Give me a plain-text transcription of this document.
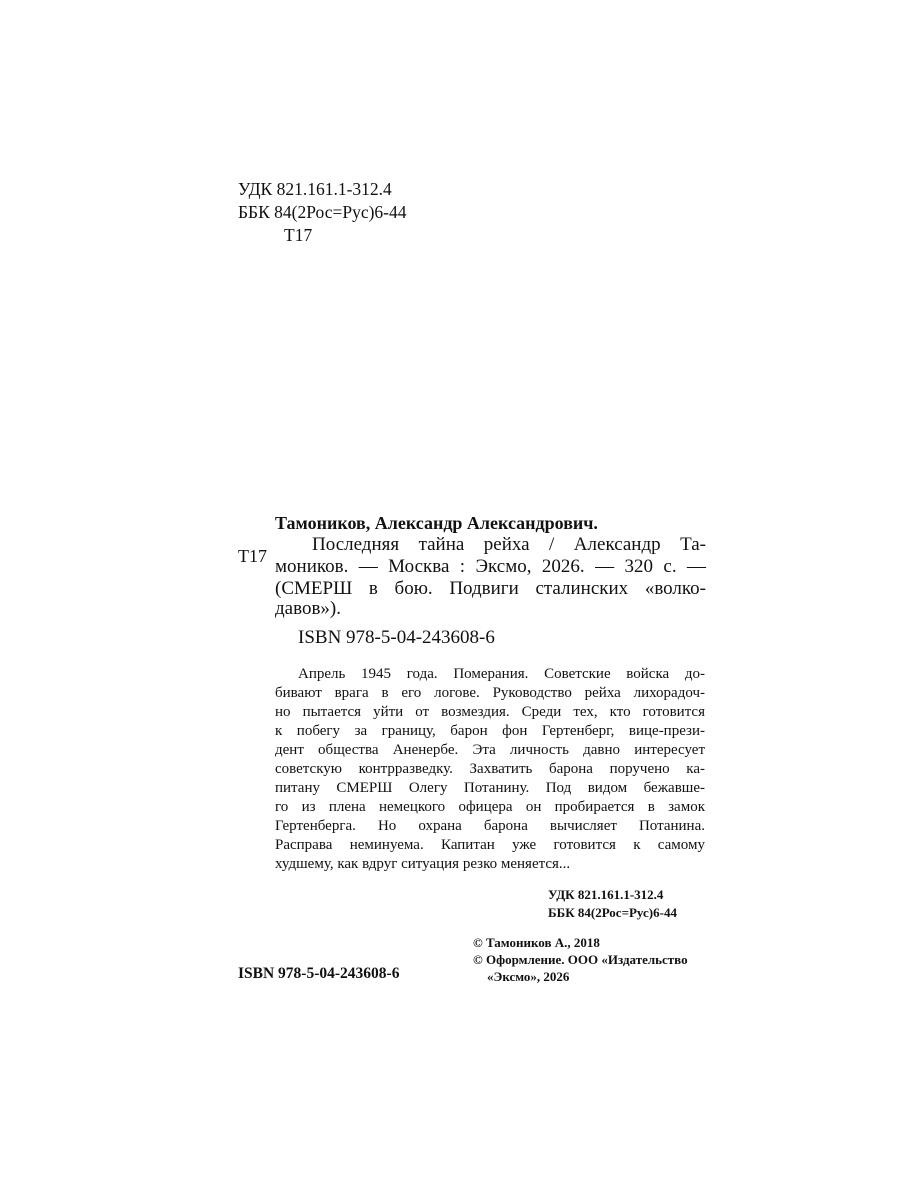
УДК 821.161.1-312.4
ББК 84(2Рос=Рус)6-44
Т17
Т17
Тамоников, Александр Александрович.
Последняя тайна рейха / Александр Та-
моников. — Москва : Эксмо, 2026. — 320 с. —
(СМЕРШ в бою. Подвиги сталинских «волко-
давов»).
ISBN 978-5-04-243608-6
Апрель 1945 года. Померания. Советские войска до-
бивают врага в его логове. Руководство рейха лихорадоч-
но пытается уйти от возмездия. Среди тех, кто готовится
к побегу за границу, барон фон Гертенберг, вице-прези-
дент общества Аненербе. Эта личность давно интересует
советскую контрразведку. Захватить барона поручено ка-
питану СМЕРШ Олегу Потанину. Под видом бежавше-
го из плена немецкого офицера он пробирается в замок
Гертенберга. Но охрана барона вычисляет Потанина.
Расправа неминуема. Капитан уже готовится к самому
худшему, как вдруг ситуация резко меняется...
УДК 821.161.1-312.4
ББК 84(2Рос=Рус)6-44
© Тамоников А., 2018
© Оформление. ООО «Издательство
«Эксмо», 2026
ISBN 978-5-04-243608-6
